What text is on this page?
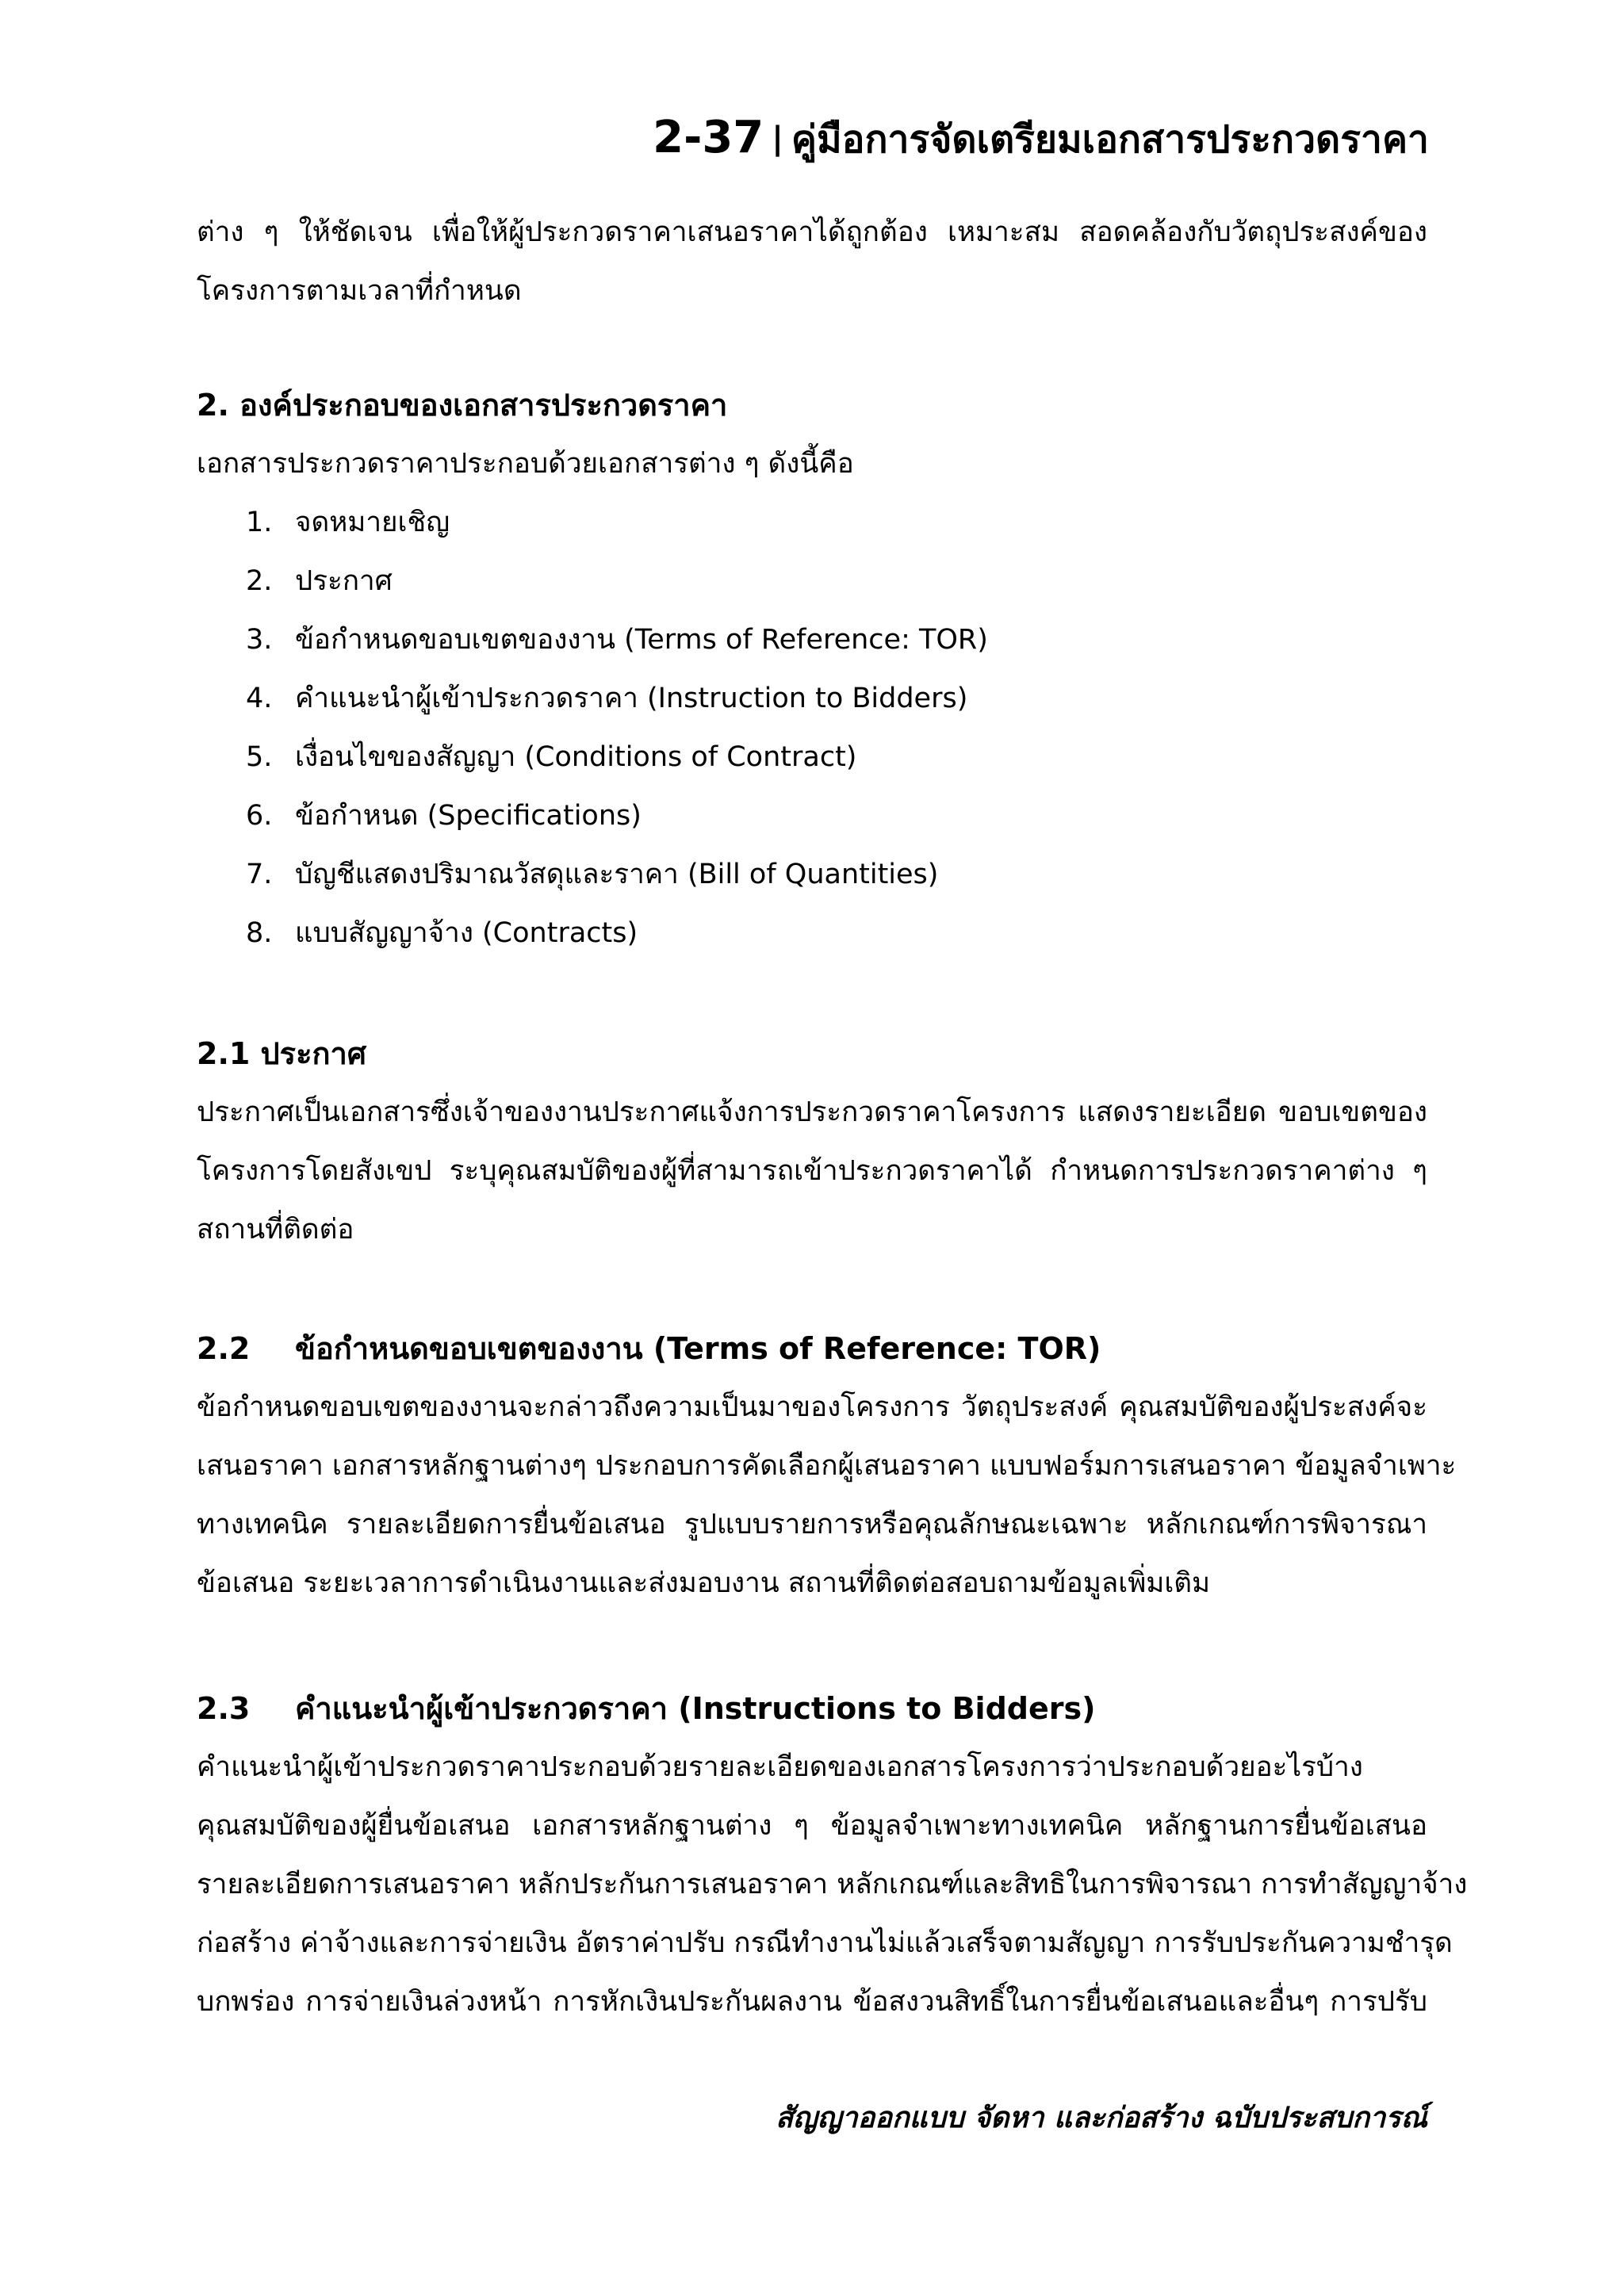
2-37 | คู่มือการจัดเตรียมเอกสารประกวดราคา
ต่าง ๆ ให้ชัดเจน เพื่อให้ผู้ประกวดราคาเสนอราคาได้ถูกต้อง เหมาะสม สอดคล้องกับวัตถุประสงค์ของ
โครงการตามเวลาที่กำหนด
2. องค์ประกอบของเอกสารประกวดราคา
เอกสารประกวดราคาประกอบด้วยเอกสารต่าง ๆ ดังนี้คือ
1. จดหมายเชิญ
2. ประกาศ
3. ข้อกำหนดขอบเขตของงาน (Terms of Reference: TOR)
4. คำแนะนำผู้เข้าประกวดราคา (Instruction to Bidders)
5. เงื่อนไขของสัญญา (Conditions of Contract)
6. ข้อกำหนด (Specifications)
7. บัญชีแสดงปริมาณวัสดุและราคา (Bill of Quantities)
8. แบบสัญญาจ้าง (Contracts)
2.1 ประกาศ
ประกาศเป็นเอกสารซึ่งเจ้าของงานประกาศแจ้งการประกวดราคาโครงการ แสดงรายะเอียด ขอบเขตของ
โครงการโดยสังเขป ระบุคุณสมบัติของผู้ที่สามารถเข้าประกวดราคาได้ กำหนดการประกวดราคาต่าง ๆ
สถานที่ติดต่อ
2.2 ข้อกำหนดขอบเขตของงาน (Terms of Reference: TOR)
ข้อกำหนดขอบเขตของงานจะกล่าวถึงความเป็นมาของโครงการ วัตถุประสงค์ คุณสมบัติของผู้ประสงค์จะ
เสนอราคา เอกสารหลักฐานต่างๆ ประกอบการคัดเลือกผู้เสนอราคา แบบฟอร์มการเสนอราคา ข้อมูลจำเพาะ
ทางเทคนิค รายละเอียดการยื่นข้อเสนอ รูปแบบรายการหรือคุณลักษณะเฉพาะ หลักเกณฑ์การพิจารณา
ข้อเสนอ ระยะเวลาการดำเนินงานและส่งมอบงาน สถานที่ติดต่อสอบถามข้อมูลเพิ่มเติม
2.3 คำแนะนำผู้เข้าประกวดราคา (Instructions to Bidders)
คำแนะนำผู้เข้าประกวดราคาประกอบด้วยรายละเอียดของเอกสารโครงการว่าประกอบด้วยอะไรบ้าง
คุณสมบัติของผู้ยื่นข้อเสนอ เอกสารหลักฐานต่าง ๆ ข้อมูลจำเพาะทางเทคนิค หลักฐานการยื่นข้อเสนอ
รายละเอียดการเสนอราคา หลักประกันการเสนอราคา หลักเกณฑ์และสิทธิในการพิจารณา การทำสัญญาจ้าง
ก่อสร้าง ค่าจ้างและการจ่ายเงิน อัตราค่าปรับ กรณีทำงานไม่แล้วเสร็จตามสัญญา การรับประกันความชำรุด
บกพร่อง การจ่ายเงินล่วงหน้า การหักเงินประกันผลงาน ข้อสงวนสิทธิ์ในการยื่นข้อเสนอและอื่นๆ การปรับ
สัญญาออกแบบ จัดหา และก่อสร้าง ฉบับประสบการณ์
